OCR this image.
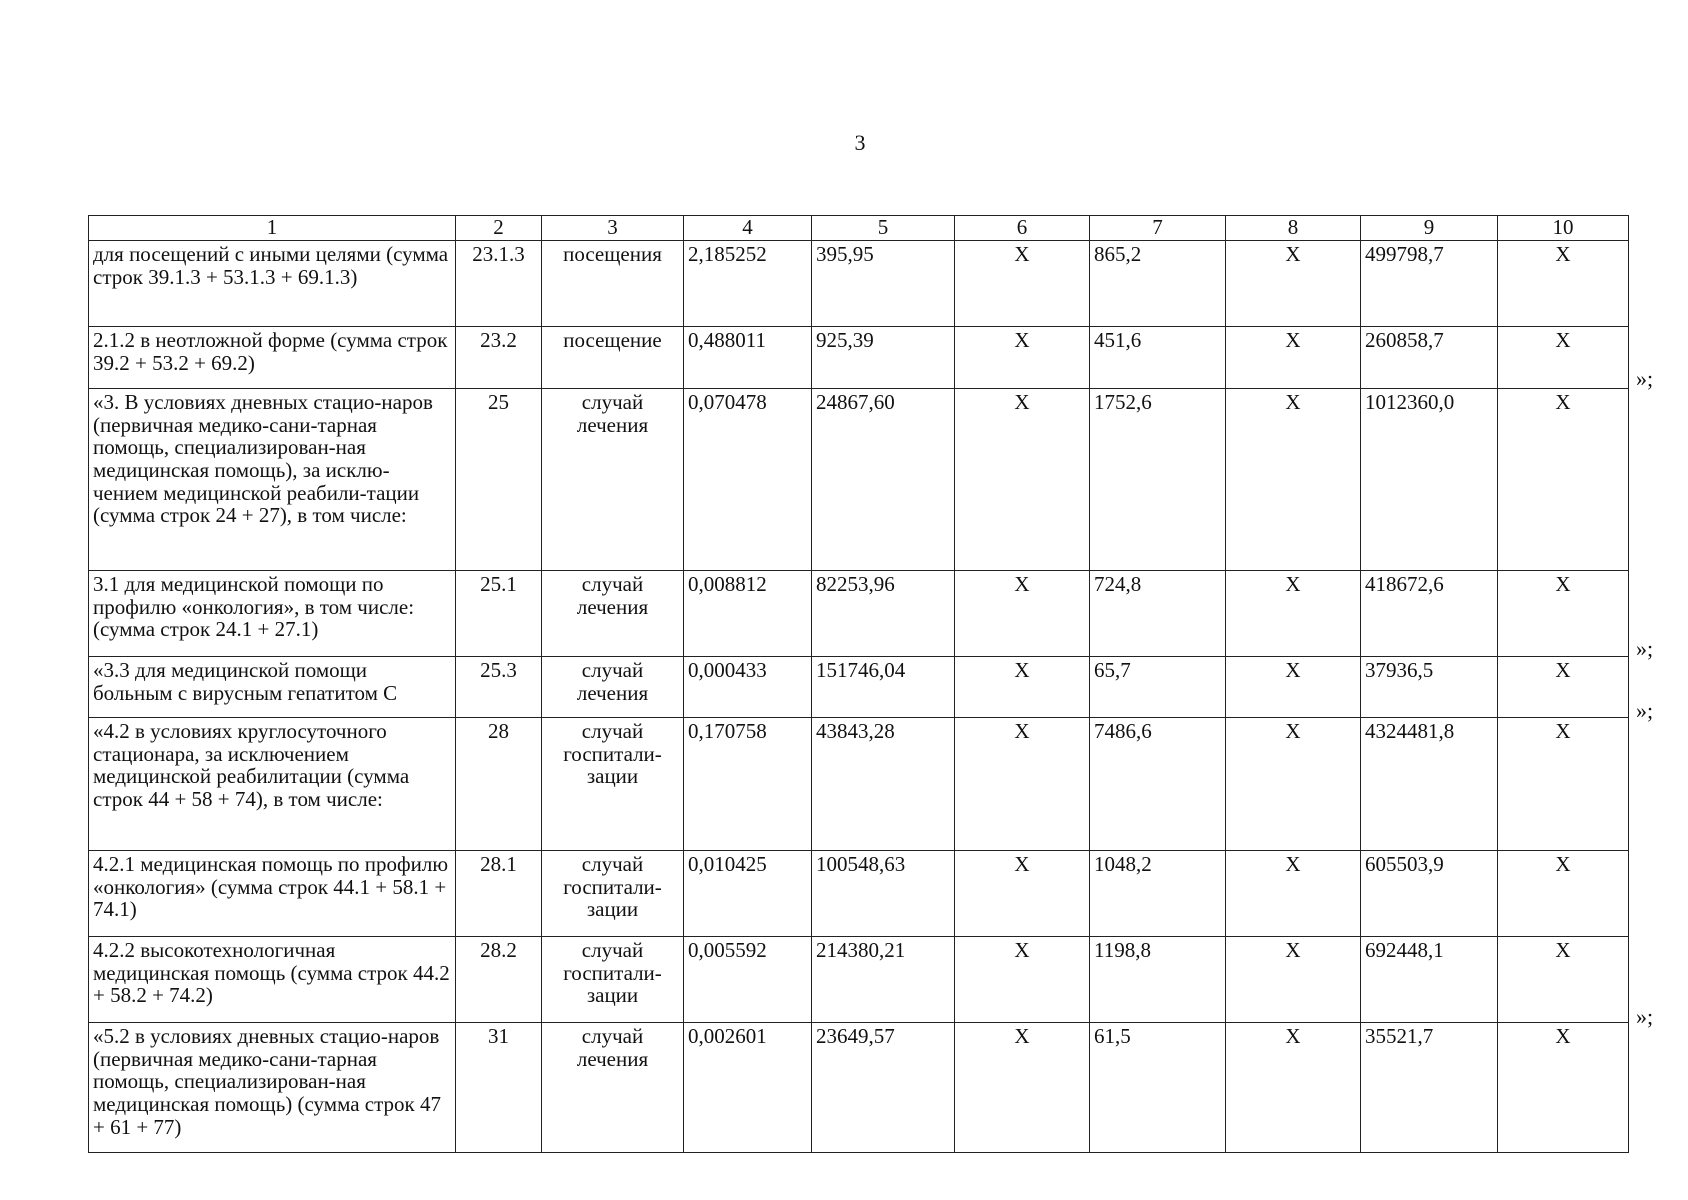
3
1	2	3	4	5	6	7	8	9	10
для посещений с иными целями (сумма строк 39.1.3 + 53.1.3 + 69.1.3)	23.1.3	посещения	2,185252	395,95	X	865,2	X	499798,7	X
2.1.2 в неотложной форме (сумма строк 39.2 + 53.2 + 69.2)	23.2	посещение	0,488011	925,39	X	451,6	X	260858,7	X
«3. В условиях дневных стацио-наров (первичная медико-сани-тарная помощь, специализирован-ная медицинская помощь), за исклю-чением медицинской реабили-тации (сумма строк 24 + 27), в том числе:	25	случай лечения	0,070478	24867,60	X	1752,6	X	1012360,0	X
3.1 для медицинской помощи по профилю «онкология», в том числе: (сумма строк 24.1 + 27.1)	25.1	случай лечения	0,008812	82253,96	X	724,8	X	418672,6	X
«3.3 для медицинской помощи больным с вирусным гепатитом С	25.3	случай лечения	0,000433	151746,04	X	65,7	X	37936,5	X
«4.2 в условиях круглосуточного стационара, за исключением медицинской реабилитации (сумма строк 44 + 58 + 74), в том числе:	28	случай госпитали-зации	0,170758	43843,28	X	7486,6	X	4324481,8	X
4.2.1 медицинская помощь по профилю «онкология» (сумма строк 44.1 + 58.1 + 74.1)	28.1	случай госпитали-зации	0,010425	100548,63	X	1048,2	X	605503,9	X
4.2.2 высокотехнологичная медицинская помощь (сумма строк 44.2 + 58.2 + 74.2)	28.2	случай госпитали-зации	0,005592	214380,21	X	1198,8	X	692448,1	X
«5.2 в условиях дневных стацио-наров (первичная медико-сани-тарная помощь, специализирован-ная медицинская помощь) (сумма строк 47 + 61 + 77)	31	случай лечения	0,002601	23649,57	X	61,5	X	35521,7	X
»;
»;
»;
»;
